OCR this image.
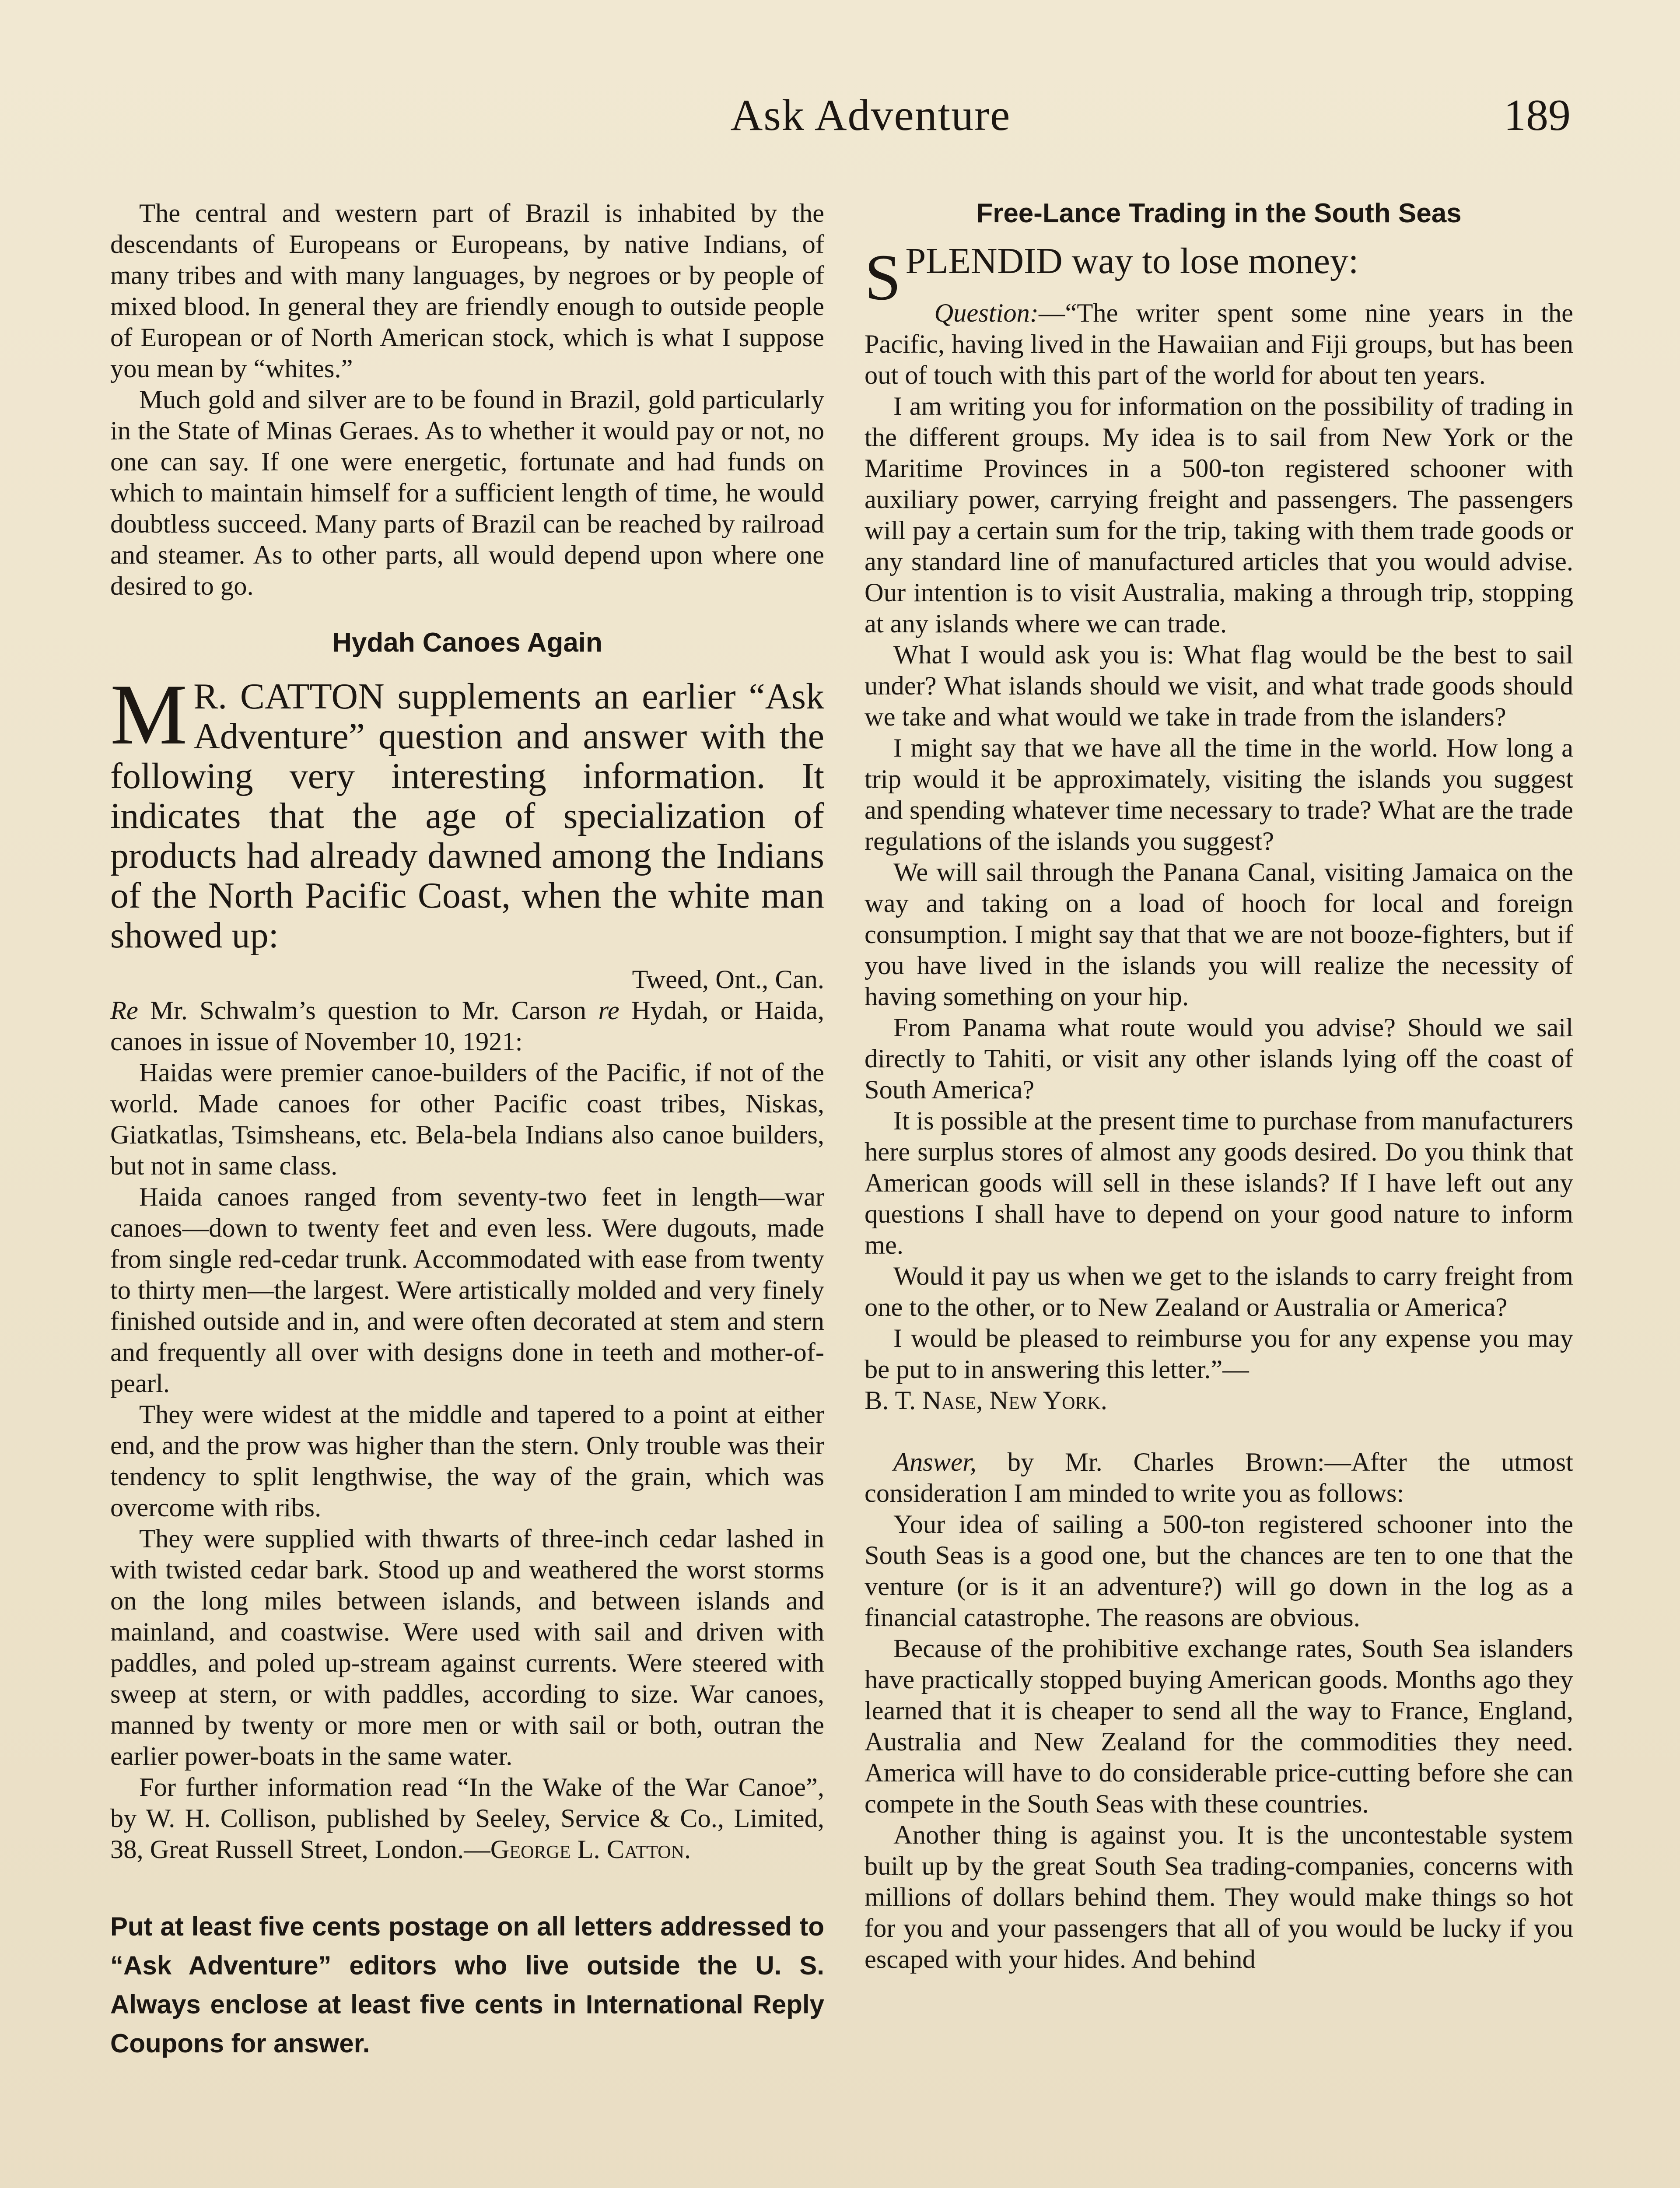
Ask Adventure	189

The central and western part of Brazil is inhabited by the descendants of Europeans or Europeans, by native Indians, of many tribes and with many languages, by negroes or by people of mixed blood. In general they are friendly enough to outside people of European or of North American stock, which is what I suppose you mean by “whites.”

Much gold and silver are to be found in Brazil, gold particularly in the State of Minas Geraes. As to whether it would pay or not, no one can say. If one were energetic, fortunate and had funds on which to maintain himself for a sufficient length of time, he would doubtless succeed. Many parts of Brazil can be reached by railroad and steamer. As to other parts, all would depend upon where one desired to go.

Hydah Canoes Again

M R. CATTON supplements an earlier “Ask Adventure” question and answer with the following very interesting information. It indicates that the age of specialization of products had already dawned among the Indians of the North Pacific Coast, when the white man showed up:

Tweed, Ont., Can.

Re Mr. Schwalm’s question to Mr. Carson re Hydah, or Haida, canoes in issue of November 10, 1921:

Haidas were premier canoe-builders of the Pacific, if not of the world. Made canoes for other Pacific coast tribes, Niskas, Giatkatlas, Tsimsheans, etc. Bela-bela Indians also canoe builders, but not in same class.

Haida canoes ranged from seventy-two feet in length—war canoes—down to twenty feet and even less. Were dugouts, made from single red-cedar trunk. Accommodated with ease from twenty to thirty men—the largest. Were artistically molded and very finely finished outside and in, and were often decorated at stem and stern and frequently all over with designs done in teeth and mother-of-pearl.

They were widest at the middle and tapered to a point at either end, and the prow was higher than the stern. Only trouble was their tendency to split lengthwise, the way of the grain, which was overcome with ribs.

They were supplied with thwarts of three-inch cedar lashed in with twisted cedar bark. Stood up and weathered the worst storms on the long miles between islands, and between islands and mainland, and coastwise. Were used with sail and driven with paddles, and poled up-stream against currents. Were steered with sweep at stern, or with paddles, according to size. War canoes, manned by twenty or more men or with sail or both, outran the earlier power-boats in the same water.

For further information read “In the Wake of the War Canoe”, by W. H. Collison, published by Seeley, Service & Co., Limited, 38, Great Russell Street, London.—George L. Catton.

Put at least five cents postage on all letters addressed to “Ask Adventure” editors who live outside the U. S. Always enclose at least five cents in International Reply Coupons for answer.
Free-Lance Trading in the South Seas

SPLENDID way to lose money:

Question:—“The writer spent some nine years in the Pacific, having lived in the Hawaiian and Fiji groups, but has been out of touch with this part of the world for about ten years.

I am writing you for information on the possibility of trading in the different groups. My idea is to sail from New York or the Maritime Provinces in a 500-ton registered schooner with auxiliary power, carrying freight and passengers. The passengers will pay a certain sum for the trip, taking with them trade goods or any standard line of manufactured articles that you would advise. Our intention is to visit Australia, making a through trip, stopping at any islands where we can trade.

What I would ask you is: What flag would be the best to sail under? What islands should we visit, and what trade goods should we take and what would we take in trade from the islanders?

I might say that we have all the time in the world. How long a trip would it be approximately, visiting the islands you suggest and spending whatever time necessary to trade? What are the trade regulations of the islands you suggest?

We will sail through the Panana Canal, visiting Jamaica on the way and taking on a load of hooch for local and foreign consumption. I might say that that we are not booze-fighters, but if you have lived in the islands you will realize the necessity of having something on your hip.

From Panama what route would you advise? Should we sail directly to Tahiti, or visit any other islands lying off the coast of South America?

It is possible at the present time to purchase from manufacturers here surplus stores of almost any goods desired. Do you think that American goods will sell in these islands? If I have left out any questions I shall have to depend on your good nature to inform me.

Would it pay us when we get to the islands to carry freight from one to the other, or to New Zealand or Australia or America?

I would be pleased to reimburse you for any expense you may be put to in answering this letter.”—
B. T. Nase, New York.

Answer, by Mr. Charles Brown:—After the utmost consideration I am minded to write you as follows:

Your idea of sailing a 500-ton registered schooner into the South Seas is a good one, but the chances are ten to one that the venture (or is it an adventure?) will go down in the log as a financial catastrophe. The reasons are obvious.

Because of the prohibitive exchange rates, South Sea islanders have practically stopped buying American goods. Months ago they learned that it is cheaper to send all the way to France, England, Australia and New Zealand for the commodities they need. America will have to do considerable price-cutting before she can compete in the South Seas with these countries.

Another thing is against you. It is the uncontestable system built up by the great South Sea trading-companies, concerns with millions of dollars behind them. They would make things so hot for you and your passengers that all of you would be lucky if you escaped with your hides. And behind
